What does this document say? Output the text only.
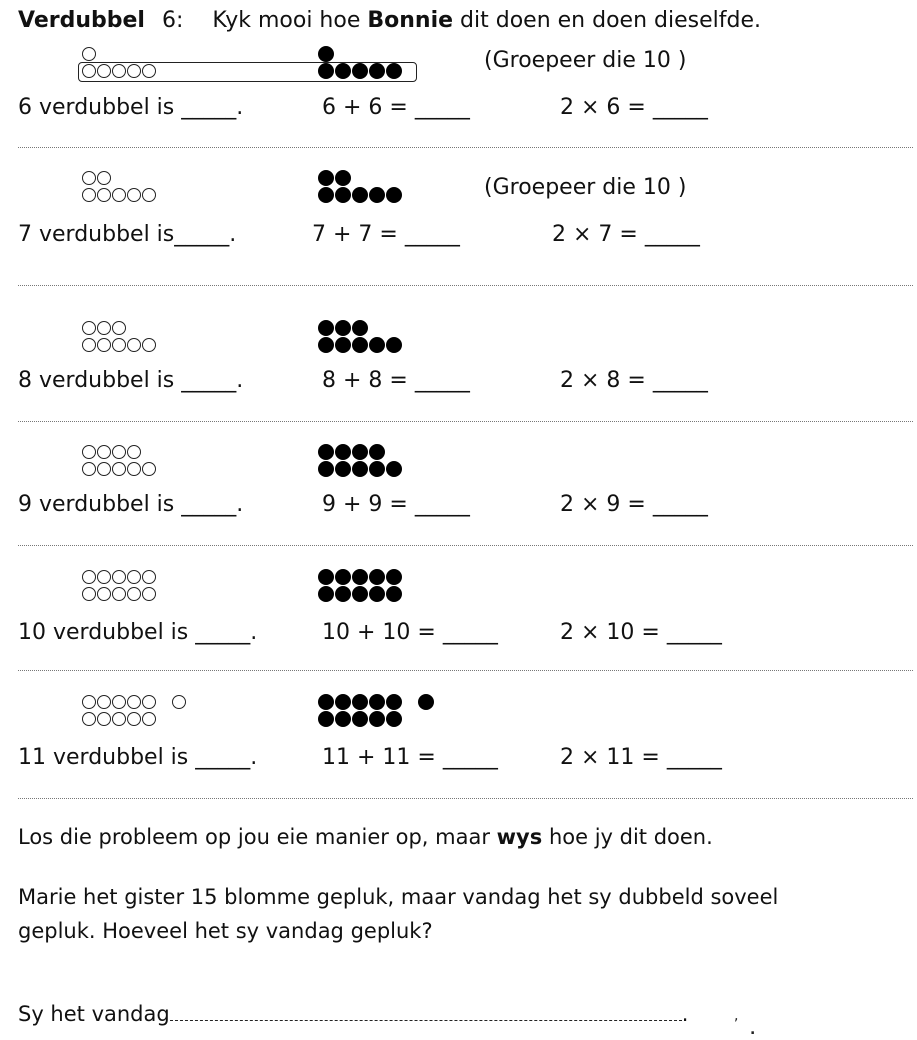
Verdubbel 6: Kyk mooi hoe Bonnie dit doen en doen dieselfde.
(Groepeer die 10 )
6 verdubbel is _____.	6 + 6 = _____	2 × 6 = _____
(Groepeer die 10 )
7 verdubbel is_____.	7 + 7 = _____	2 × 7 = _____
8 verdubbel is _____.	8 + 8 = _____	2 × 8 = _____
9 verdubbel is _____.	9 + 9 = _____	2 × 9 = _____
10 verdubbel is _____.	10 + 10 = _____	2 × 10 = _____
11 verdubbel is _____.	11 + 11 = _____	2 × 11 = _____
Los die probleem op jou eie manier op, maar wys hoe jy dit doen.
Marie het gister 15 blomme gepluk, maar vandag het sy dubbeld soveel
gepluk. Hoeveel het sy vandag gepluk?
Sy het vandag	.	,
.
